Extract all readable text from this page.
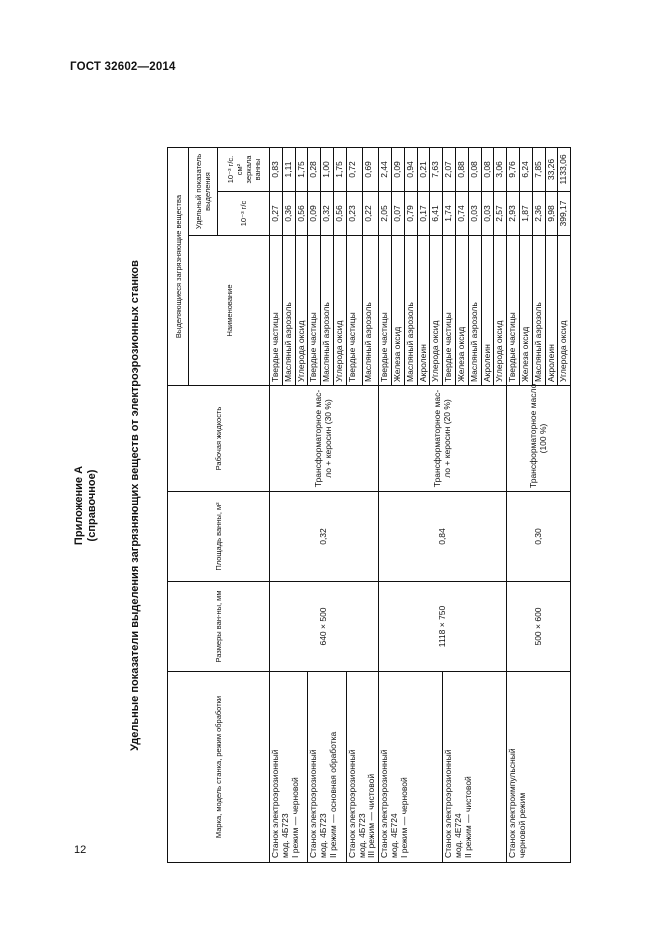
ГОСТ 32602—2014
12
Приложение А (справочное)	Удельные показатели выделения загрязняющих веществ от электроэрозионных станков
Марка, модель станка, режим обработки	Размеры ван-ны, мм	Площадь ванны, м²	Рабочая жидкость	Выделяющиеся загрязняющие вещества		
				Наименование	Удельный показатель выделения	
					10⁻³ г/с	10⁻³ г/с. см² зеркала ванны

Станок электроэрозионный мод. 4Б723 I режим — черновой	640 × 500	0,32	Трансформаторное мас- ло + керосин (30 %)	Твердые частицы	0,27	0,83
				Масляный аэрозоль	0,36	1,11
				Углерода оксид	0,56	1,75

Станок электроэрозионный мод. 4Б723 II режим — основная обработка				Твердые частицы	0,09	0,28
				Масляный аэрозоль	0,32	1,00
				Углерода оксид	0,56	1,75

Станок электроэрозионный мод. 4Б723 III режим — чистовой				Твердые частицы	0,23	0,72
				Масляный аэрозоль	0,22	0,69

Станок электроэрозионный мод. 4Е724 I режим — черновой	1118 × 750	0,84	Трансформаторное мас- ло + керосин (20 %)	Твердые частицы	2,05	2,44
				Железа оксид	0,07	0,09
				Масляный аэрозоль	0,79	0,94
				Акролеин	0,17	0,21
				Углерода оксид	6,41	7,63

Станок электроэрозионный мод. 4Е724 II режим — чистовой				Твердые частицы	1,74	2,07
				Железа оксид	0,74	0,88
				Масляный аэрозоль	0,03	0,08
				Акролеин	0,03	0,08
				Углерода оксид	2,57	3,06

Станок электроимпульсный черновой режим	500 × 600	0,30	Трансформаторное масло (100 %)	Твердые частицы	2,93	9,76
				Железа оксид	1,87	6,24
				Масляный аэрозоль	2,36	7,85
				Акролеин	9,98	33,26
				Углерода оксид	399,17	1133,06
